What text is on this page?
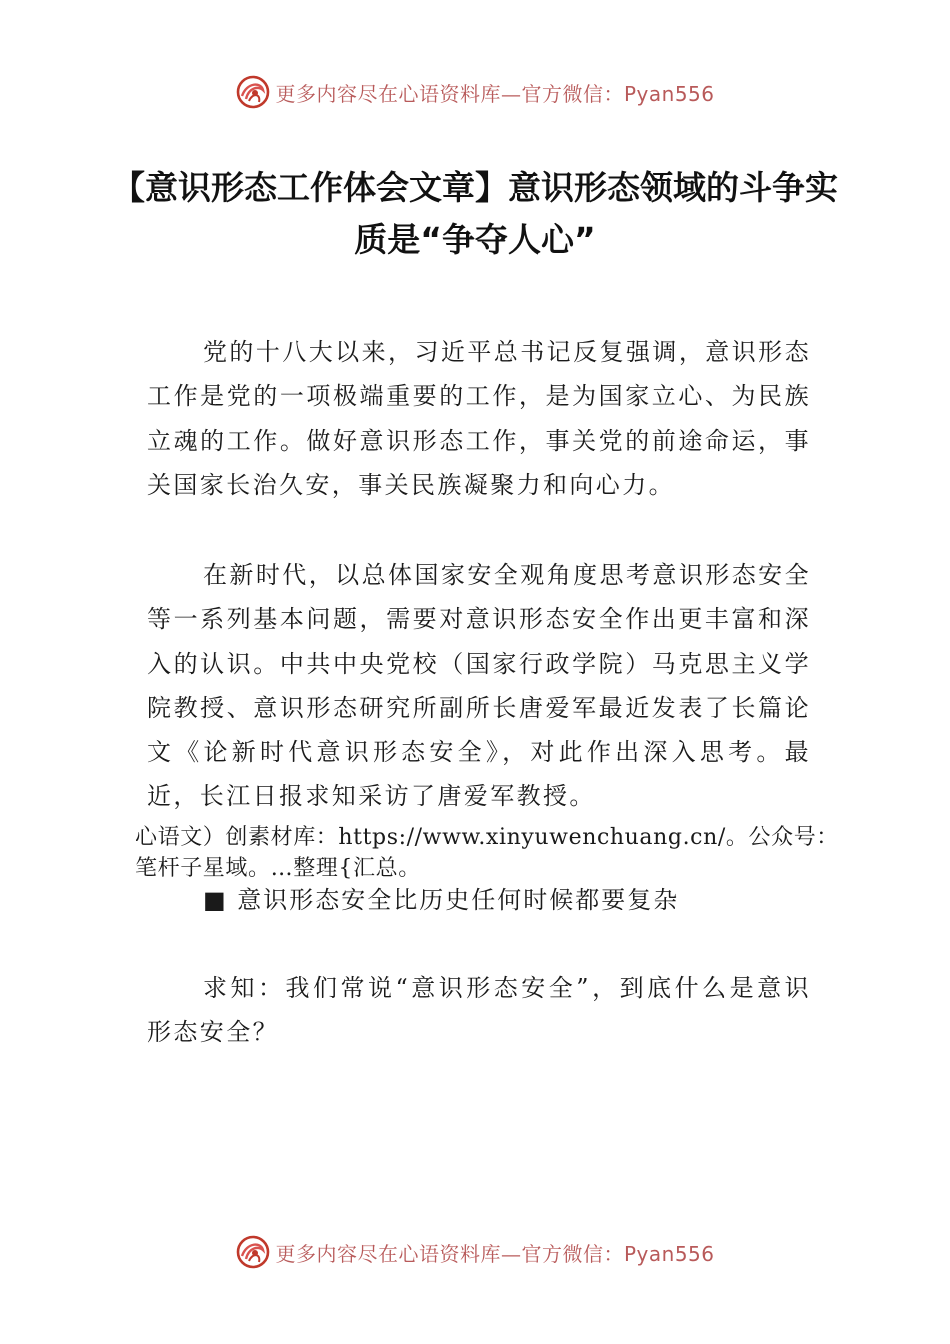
更多内容尽在心语资料库—官方微信：Pyan556
【意识形态工作体会文章】意识形态领域的斗争实质是“争夺人心”

党的十八大以来，习近平总书记反复强调，意识形态工作是党的一项极端重要的工作，是为国家立心、为民族立魂的工作。做好意识形态工作，事关党的前途命运，事关国家长治久安，事关民族凝聚力和向心力。

在新时代，以总体国家安全观角度思考意识形态安全等一系列基本问题，需要对意识形态安全作出更丰富和深入的认识。中共中央党校（国家行政学院）马克思主义学院教授、意识形态研究所副所长唐爱军最近发表了长篇论文《论新时代意识形态安全》，对此作出深入思考。最近，长江日报求知采访了唐爱军教授。

心语文）创素材库：https://www.xinyuwenchuang.cn/。公众号：笔杆子星域。…整理{汇总。

■ 意识形态安全比历史任何时候都要复杂

求知：我们常说“意识形态安全”，到底什么是意识形态安全？

更多内容尽在心语资料库—官方微信：Pyan556
